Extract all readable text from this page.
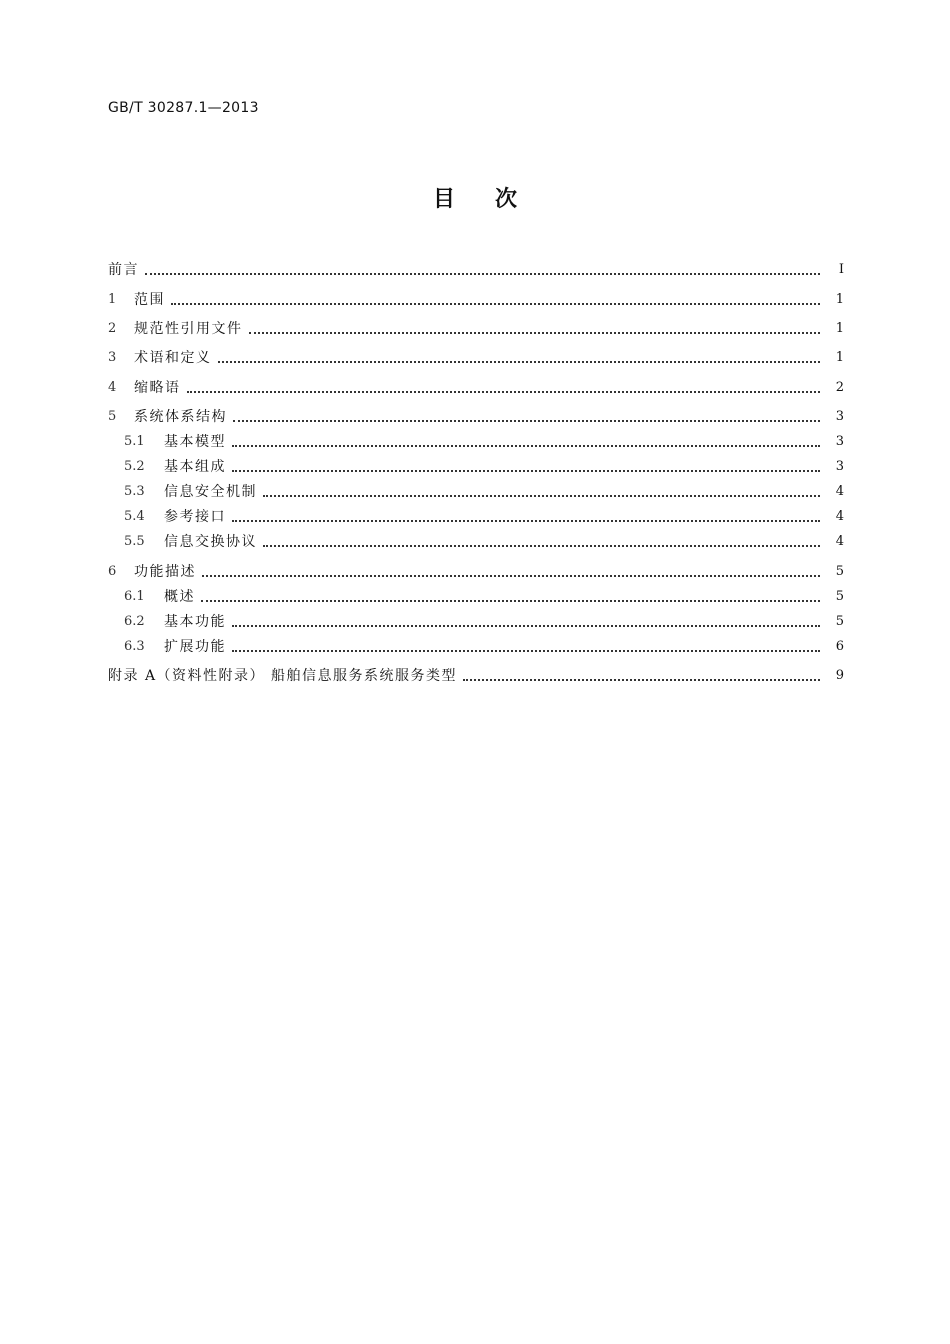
GB/T 30287.1—2013
目次
前言	Ⅰ
1	范围	1
2	规范性引用文件	1
3	术语和定义	1
4	缩略语	2
5	系统体系结构	3
5.1	基本模型	3
5.2	基本组成	3
5.3	信息安全机制	4
5.4	参考接口	4
5.5	信息交换协议	4
6	功能描述	5
6.1	概述	5
6.2	基本功能	5
6.3	扩展功能	6
附录 A（资料性附录） 船舶信息服务系统服务类型	9
